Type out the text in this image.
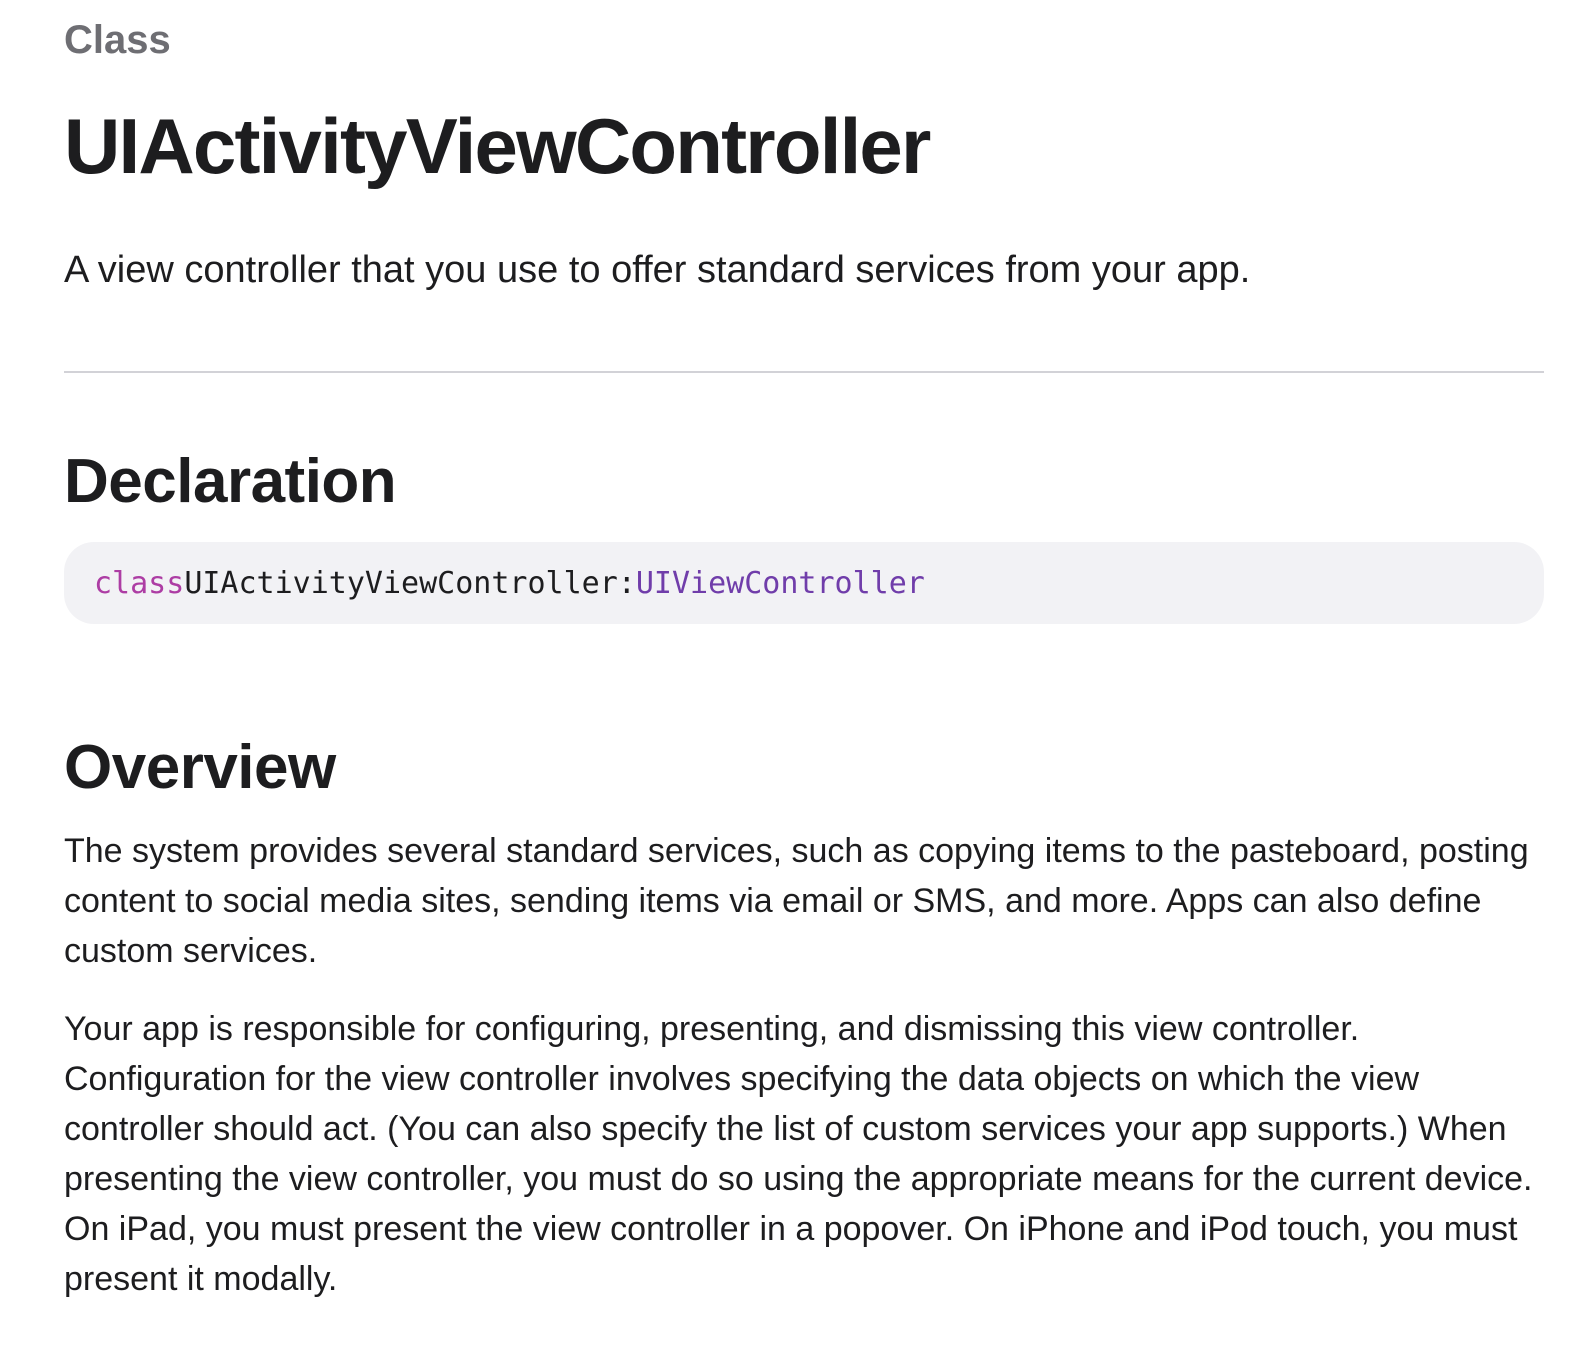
Class
UIActivityViewController

A view controller that you use to offer standard services from your app.

Declaration
class UIActivityViewController : UIViewController
Overview

The system provides several standard services, such as copying items to the pasteboard, posting content to social media sites, sending items via email or SMS, and more. Apps can also define custom services.

Your app is responsible for configuring, presenting, and dismissing this view controller. Configuration for the view controller involves specifying the data objects on which the view controller should act. (You can also specify the list of custom services your app supports.) When presenting the view controller, you must do so using the appropriate means for the current device. On iPad, you must present the view controller in a popover. On iPhone and iPod touch, you must present it modally.
